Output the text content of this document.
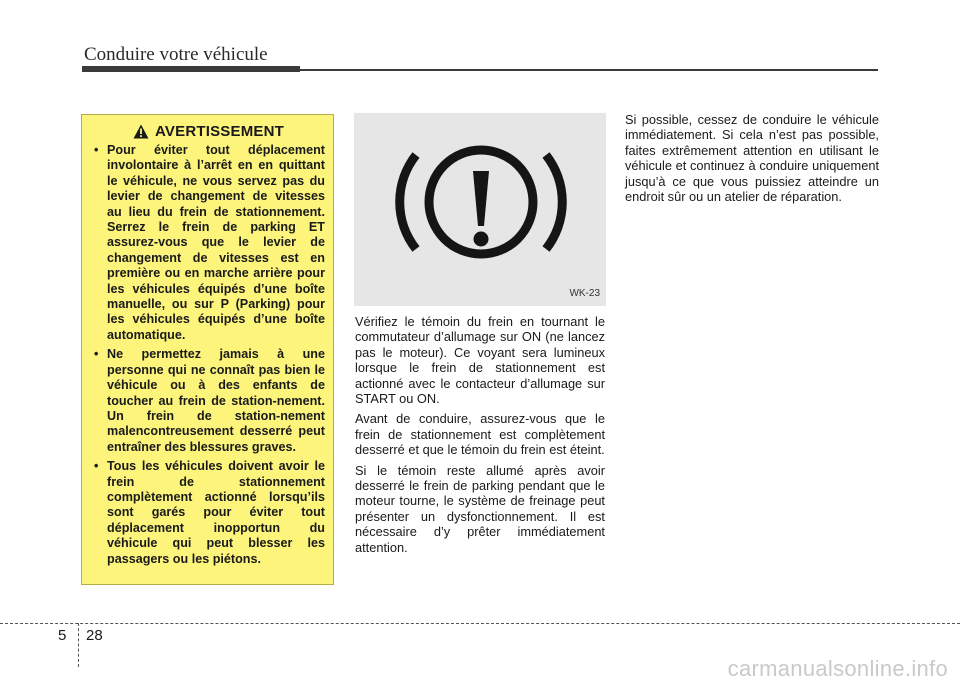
Conduire votre véhicule
AVERTISSEMENT
• Pour éviter tout déplacement involontaire à l’arrêt en en quittant le véhicule, ne vous servez pas du levier de changement de vitesses au lieu du frein de stationnement. Serrez le frein de parking ET assurez-vous que le levier de changement de vitesses est en première ou en marche arrière pour les véhicules équipés d’une boîte manuelle, ou sur P (Parking) pour les véhicules équipés d’une boîte automatique.
• Ne permettez jamais à une personne qui ne connaît pas bien le véhicule ou à des enfants de toucher au frein de station-nement. Un frein de station-nement malencontreusement desserré peut entraîner des blessures graves.
• Tous les véhicules doivent avoir le frein de stationnement complètement actionné lorsqu’ils sont garés pour éviter tout déplacement inopportun du véhicule qui peut blesser les passagers ou les piétons.
WK-23

Vérifiez le témoin du frein en tournant le commutateur d’allumage sur ON (ne lancez pas le moteur). Ce voyant sera lumineux lorsque le frein de stationnement est actionné avec le contacteur d’allumage sur START ou ON.

Avant de conduire, assurez-vous que le frein de stationnement est complètement desserré et que le témoin du frein est éteint.

Si le témoin reste allumé après avoir desserré le frein de parking pendant que le moteur tourne, le système de freinage peut présenter un dysfonctionnement. Il est nécessaire d’y prêter immédiatement attention.

Si possible, cessez de conduire le véhicule immédiatement. Si cela n’est pas possible, faites extrêmement attention en utilisant le véhicule et continuez à conduire uniquement jusqu’à ce que vous puissiez atteindre un endroit sûr ou un atelier de réparation.

5 28
carmanualsonline.info
